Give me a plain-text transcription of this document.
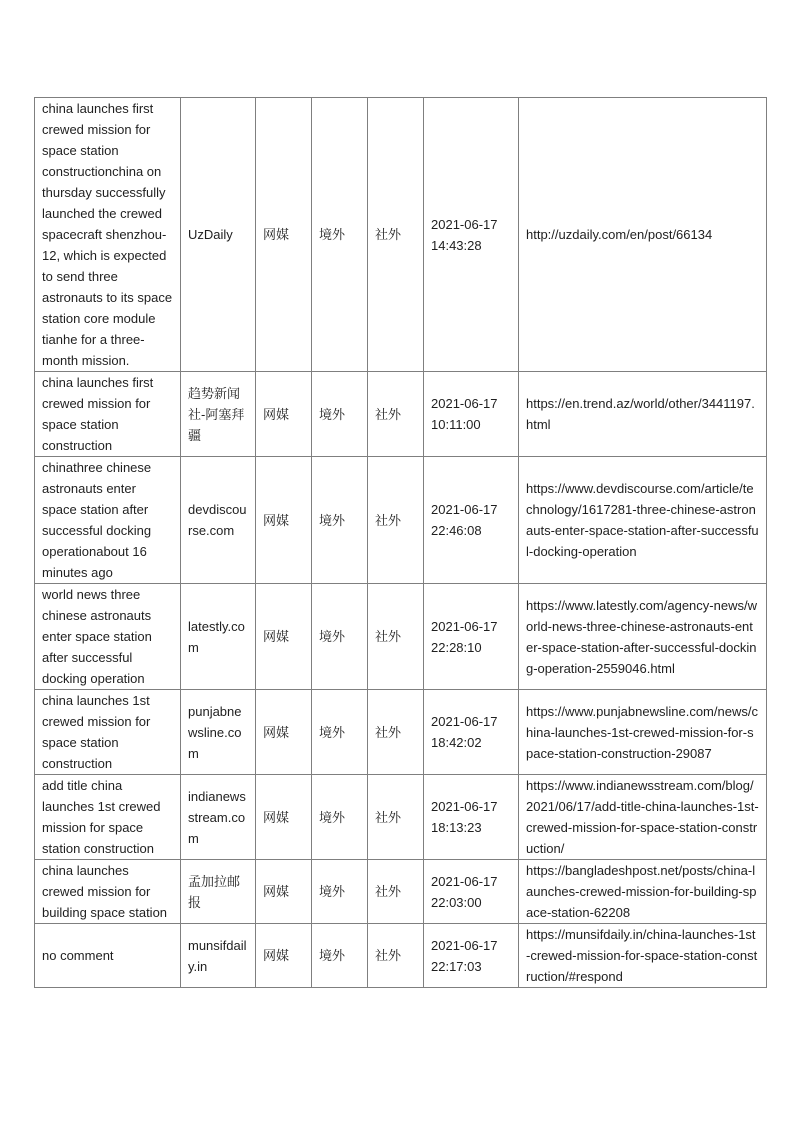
china launches first crewed mission for space station constructionchina on thursday successfully launched the crewed spacecraft shenzhou-12, which is expected to send three astronauts to its space station core module tianhe for a three-month mission.	UzDaily	网媒	境外	社外	2021-06-17 14:43:28	http://uzdaily.com/en/post/66134
china launches first crewed mission for space station construction	趋势新闻社-阿塞拜疆	网媒	境外	社外	2021-06-17 10:11:00	https://en.trend.az/world/other/3441197.html
chinathree chinese astronauts enter space station after successful docking operationabout 16 minutes ago	devdiscourse.com	网媒	境外	社外	2021-06-17 22:46:08	https://www.devdiscourse.com/article/technology/1617281-three-chinese-astronauts-enter-space-station-after-successful-docking-operation
world news three chinese astronauts enter space station after successful docking operation	latestly.com	网媒	境外	社外	2021-06-17 22:28:10	https://www.latestly.com/agency-news/world-news-three-chinese-astronauts-enter-space-station-after-successful-docking-operation-2559046.html
china launches 1st crewed mission for space station construction	punjabnewsline.com	网媒	境外	社外	2021-06-17 18:42:02	https://www.punjabnewsline.com/news/china-launches-1st-crewed-mission-for-space-station-construction-29087
add title china launches 1st crewed mission for space station construction	indianewsstream.com	网媒	境外	社外	2021-06-17 18:13:23	https://www.indianewsstream.com/blog/2021/06/17/add-title-china-launches-1st-crewed-mission-for-space-station-construction/
china launches crewed mission for building space station	孟加拉邮报	网媒	境外	社外	2021-06-17 22:03:00	https://bangladeshpost.net/posts/china-launches-crewed-mission-for-building-space-station-62208
no comment	munsifdaily.in	网媒	境外	社外	2021-06-17 22:17:03	https://munsifdaily.in/china-launches-1st-crewed-mission-for-space-station-construction/#respond
